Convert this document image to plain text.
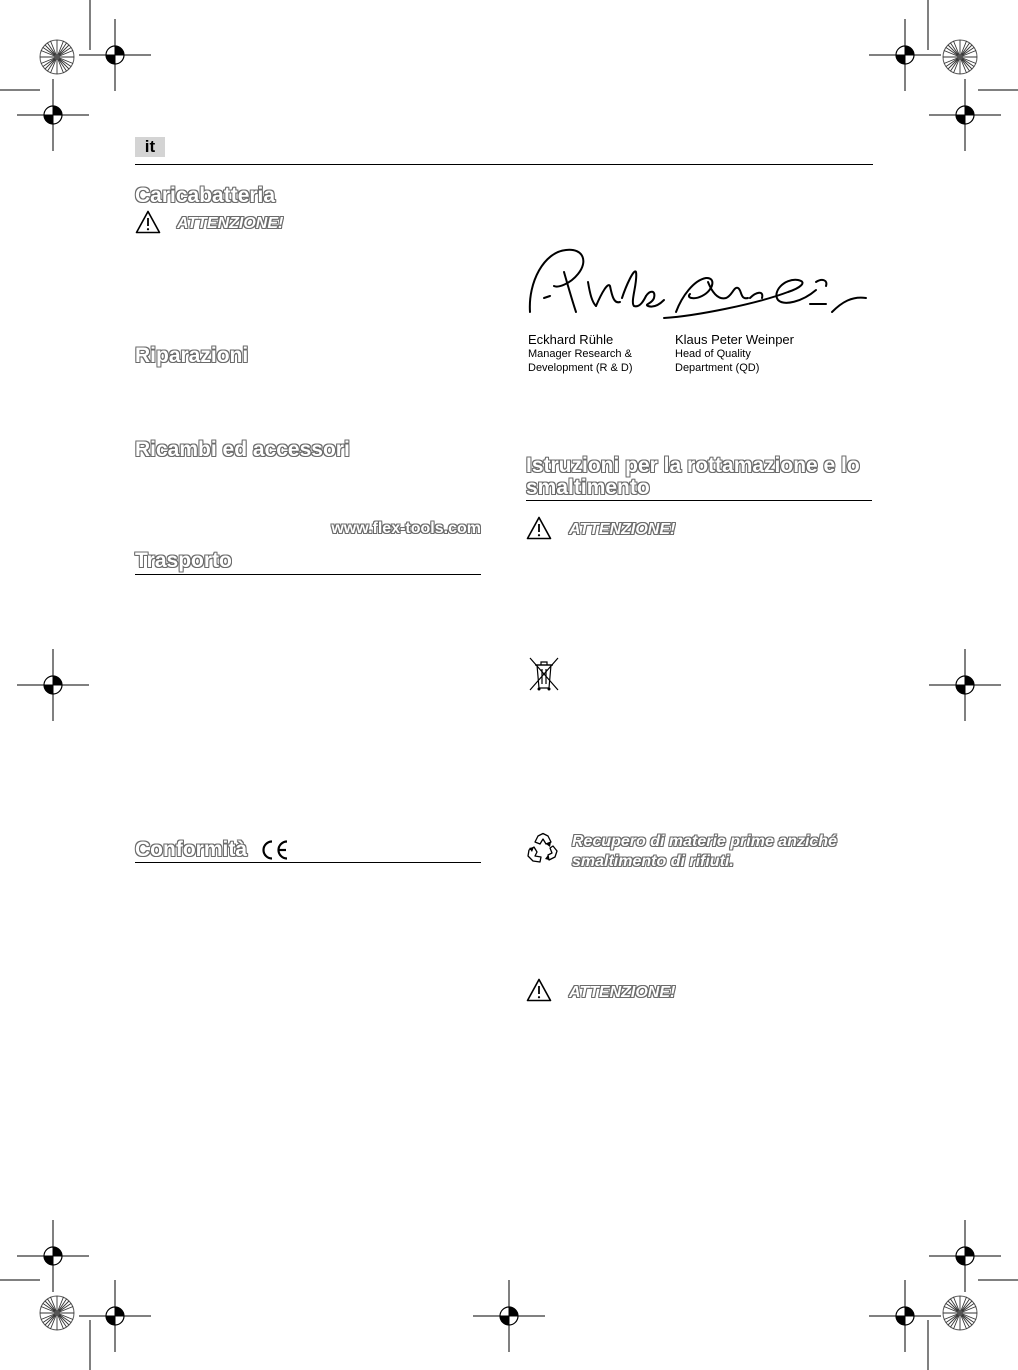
it
Caricabatteria
ATTENZIONE!
Riparazioni
Ricambi ed accessori
www.flex-tools.com
Trasporto
Conformità
Eckhard Rühle
Manager Research &
Development (R & D)
Klaus Peter Weinper
Head of Quality
Department (QD)
Istruzioni per la rottamazione e lo
smaltimento
ATTENZIONE!
Recupero di materie prime anziché
smaltimento di rifiuti.
ATTENZIONE!
